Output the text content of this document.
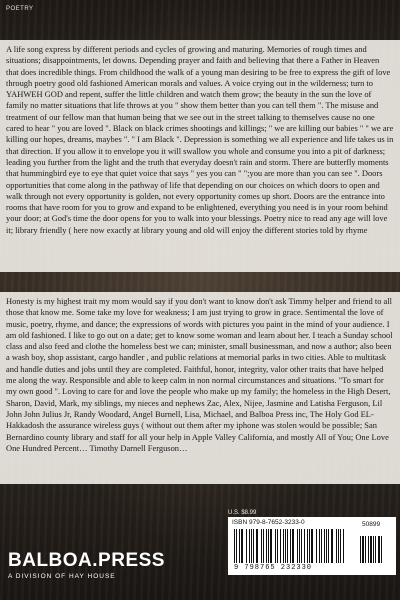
POETRY

A life song express by different periods and cycles of growing and maturing. Memories of rough times and situations; disappointments, let downs. Depending prayer and faith and believing that there a Father in Heaven that does incredible things. From childhood the walk of a young man desiring to be free to express the gift of love through poetry good old fashioned American morals and values. A voice crying out in the wilderness; turn to YAHWEH GOD and repent, suffer the little children and watch them grow; the beauty in the sun the love of family no matter situations that life throws at you " show them better than you can tell them ". The misuse and treatment of our fellow man that human being that we see out in the street talking to themselves cause no one cared to hear " you are loved ". Black on black crimes shootings and killings; " we are killing our babies " " we are killing our hopes, dreams, maybes ". " I am Black ". Depression is something we all experience and life takes us in that direction. If you allow it to envelope you it will swallow you whole and consume you into a pit of darkness; leading you further from the light and the truth that everyday doesn't rain and storm. There are butterfly moments that hummingbird eye to eye that quiet voice that says " yes you can " ";you are more than you can see ". Doors opportunities that come along in the pathway of life that depending on our choices on which doors to open and walk through not every opportunity is golden, not every opportunity comes up short. Doors are the entrance into rooms that have room for you to grow and expand to be enlightened, everything you need is in your room behind your door; at God's time the door opens for you to walk into your blessings. Poetry nice to read any age will love it; library friendly ( here now exactly at library young and old will enjoy the different stories told by rhyme

Honesty is my highest trait my mom would say if you don't want to know don't ask Timmy helper and friend to all those that know me. Some take my love for weakness; I am just trying to grow in grace. Sentimental the love of music, poetry, rhyme, and dance; the expressions of words with pictures you paint in the mind of your audience. I am old fashioned. I like to go out on a date; get to know some woman and learn about her. I teach a Sunday school class and also feed and clothe the homeless best we can; minister, small businessman, and now a author; also been a wash boy, shop assistant, cargo handler , and public relations at memorial parks in two cities. Able to multitask and handle duties and jobs until they are completed. Faithful, honor, integrity, valor other traits that have helped me along the way. Responsible and able to keep calm in non normal circumstances and situations. "To smart for my own good ". Loving to care for and love the people who make up my family; the homeless in the High Desert, Sharon, David, Mark, my siblings, my nieces and nephews Zac, Alex, Nijee, Jasmine and Latisha Ferguson, Lil John John Julius Jr, Randy Woodard, Angel Burnell, Lisa, Michael, and Balboa Press inc, The Holy God EL-Hakkadosh the assurance wireless guys ( without out them after my iphone was stolen would be possible; San Bernardino county library and staff for all your help in Apple Valley California, and mostly All of You; One Love One Hundred Percent… Timothy Darnell Ferguson…

U.S. $8.99
ISBN 979-8-7652-3233-0	50899
9 798765 232330
BALBOA.PRESS
A DIVISION OF HAY HOUSE
